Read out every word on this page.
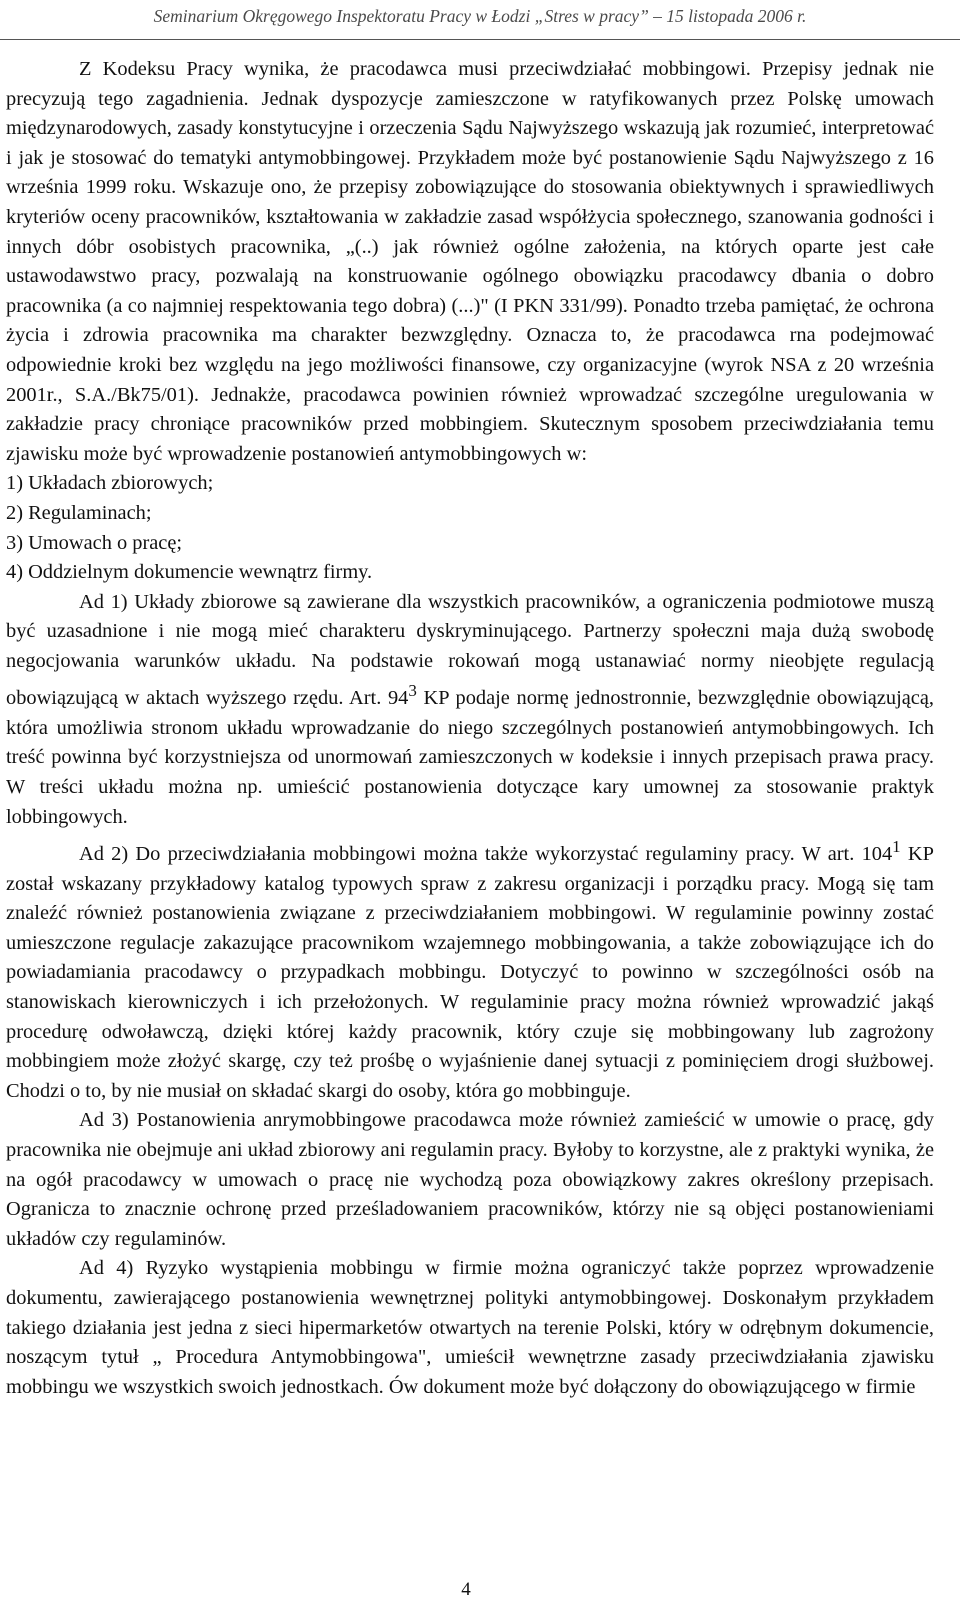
Seminarium Okręgowego Inspektoratu Pracy w Łodzi „Stres w pracy” – 15 listopada 2006 r.

Z Kodeksu Pracy wynika, że pracodawca musi przeciwdziałać mobbingowi. Przepisy jednak nie precyzują tego zagadnienia. Jednak dyspozycje zamieszczone w ratyfikowanych przez Polskę umowach międzynarodowych, zasady konstytucyjne i orzeczenia Sądu Najwyższego wskazują jak rozumieć, interpretować i jak je stosować do tematyki antymobbingowej. Przykładem może być postanowienie Sądu Najwyższego z 16 września 1999 roku. Wskazuje ono, że przepisy zobowiązujące do stosowania obiektywnych i sprawiedliwych kryteriów oceny pracowników, kształtowania w zakładzie zasad współżycia społecznego, szanowania godności i innych dóbr osobistych pracownika, „(..) jak również ogólne założenia, na których oparte jest całe ustawodawstwo pracy, pozwalają na konstruowanie ogólnego obowiązku pracodawcy dbania o dobro pracownika (a co najmniej respektowania tego dobra) (...)" (I PKN 331/99). Ponadto trzeba pamiętać, że ochrona życia i zdrowia pracownika ma charakter bezwzględny. Oznacza to, że pracodawca rna podejmować odpowiednie kroki bez względu na jego możliwości finansowe, czy organizacyjne (wyrok NSA z 20 września 2001r., S.A./Bk75/01). Jednakże, pracodawca powinien również wprowadzać szczególne uregulowania w zakładzie pracy chroniące pracowników przed mobbingiem. Skutecznym sposobem przeciwdziałania temu zjawisku może być wprowadzenie postanowień antymobbingowych w:

1) Układach zbiorowych;

2) Regulaminach;

3) Umowach o pracę;

4) Oddzielnym dokumencie wewnątrz firmy.

Ad 1) Układy zbiorowe są zawierane dla wszystkich pracowników, a ograniczenia podmiotowe muszą być uzasadnione i nie mogą mieć charakteru dyskryminującego. Partnerzy społeczni maja dużą swobodę negocjowania warunków układu. Na podstawie rokowań mogą ustanawiać normy nieobjęte regulacją obowiązującą w aktach wyższego rzędu. Art. $94^3$ KP podaje normę jednostronnie, bezwzględnie obowiązującą, która umożliwia stronom układu wprowadzanie do niego szczególnych postanowień antymobbingowych. Ich treść powinna być korzystniejsza od unormowań zamieszczonych w kodeksie i innych przepisach prawa pracy. W treści układu można np. umieścić postanowienia dotyczące kary umownej za stosowanie praktyk lobbingowych.

Ad 2) Do przeciwdziałania mobbingowi można także wykorzystać regulaminy pracy. W art. $104^1$ KP został wskazany przykładowy katalog typowych spraw z zakresu organizacji i porządku pracy. Mogą się tam znaleźć również postanowienia związane z przeciwdziałaniem mobbingowi. W regulaminie powinny zostać umieszczone regulacje zakazujące pracownikom wzajemnego mobbingowania, a także zobowiązujące ich do powiadamiania pracodawcy o przypadkach mobbingu. Dotyczyć to powinno w szczególności osób na stanowiskach kierowniczych i ich przełożonych. W regulaminie pracy można również wprowadzić jakąś procedurę odwoławczą, dzięki której każdy pracownik, który czuje się mobbingowany lub zagrożony mobbingiem może złożyć skargę, czy też prośbę o wyjaśnienie danej sytuacji z pominięciem drogi służbowej. Chodzi o to, by nie musiał on składać skargi do osoby, która go mobbinguje.

Ad 3) Postanowienia anrymobbingowe pracodawca może również zamieścić w umowie o pracę, gdy pracownika nie obejmuje ani układ zbiorowy ani regulamin pracy. Byłoby to korzystne, ale z praktyki wynika, że na ogół pracodawcy w umowach o pracę nie wychodzą poza obowiązkowy zakres określony przepisach. Ogranicza to znacznie ochronę przed prześladowaniem pracowników, którzy nie są objęci postanowieniami układów czy regulaminów.

Ad 4) Ryzyko wystąpienia mobbingu w firmie można ograniczyć także poprzez wprowadzenie dokumentu, zawierającego postanowienia wewnętrznej polityki antymobbingowej. Doskonałym przykładem takiego działania jest jedna z sieci hipermarketów otwartych na terenie Polski, który w odrębnym dokumencie, noszącym tytuł „ Procedura Antymobbingowa", umieścił wewnętrzne zasady przeciwdziałania zjawisku mobbingu we wszystkich swoich jednostkach. Ów dokument może być dołączony do obowiązującego w firmie

4
